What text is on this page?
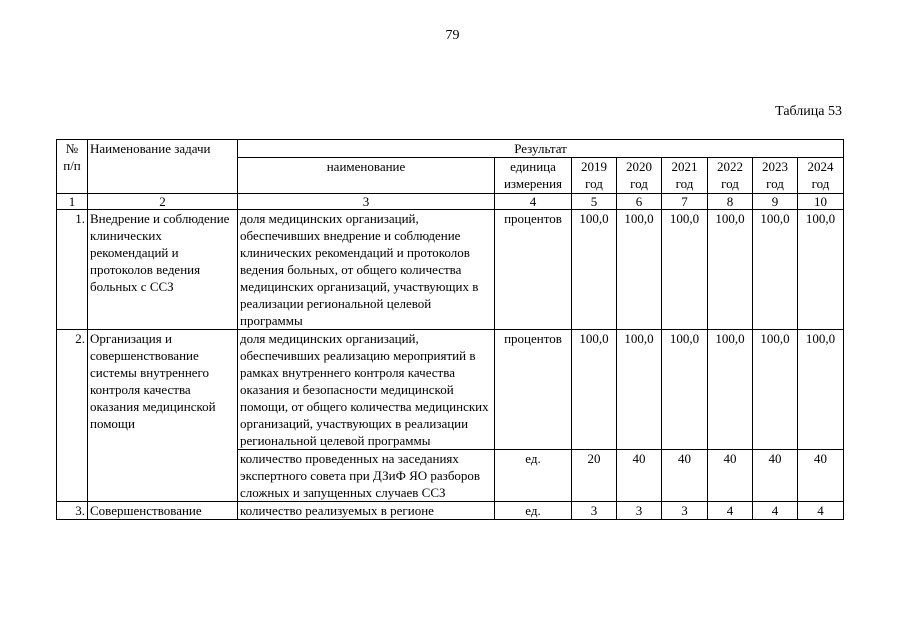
79
Таблица 53
№ п/п	Наименование задачи	Результат							
		наименование	единица измерения	2019 год	2020 год	2021 год	2022 год	2023 год	2024 год
1	2	3	4	5	6	7	8	9	10
1.	Внедрение и соблюдение клинических рекомендаций и протоколов ведения больных с ССЗ	доля медицинских организаций, обеспечивших внедрение и соблюдение клинических рекомендаций и протоколов ведения больных, от общего количества медицинских организаций, участвующих в реализации региональной целевой программы	процентов	100,0	100,0	100,0	100,0	100,0	100,0
2.	Организация и совершенствование системы внутреннего контроля качества оказания медицинской помощи	доля медицинских организаций, обеспечивших реализацию мероприятий в рамках внутреннего контроля качества оказания и безопасности медицинской помощи, от общего количества медицинских организаций, участвующих в реализации региональной целевой программы	процентов	100,0	100,0	100,0	100,0	100,0	100,0
		количество проведенных на заседаниях экспертного совета при ДЗиФ ЯО разборов сложных и запущенных случаев ССЗ	ед.	20	40	40	40	40	40
3.	Совершенствование	количество реализуемых в регионе	ед.	3	3	3	4	4	4
